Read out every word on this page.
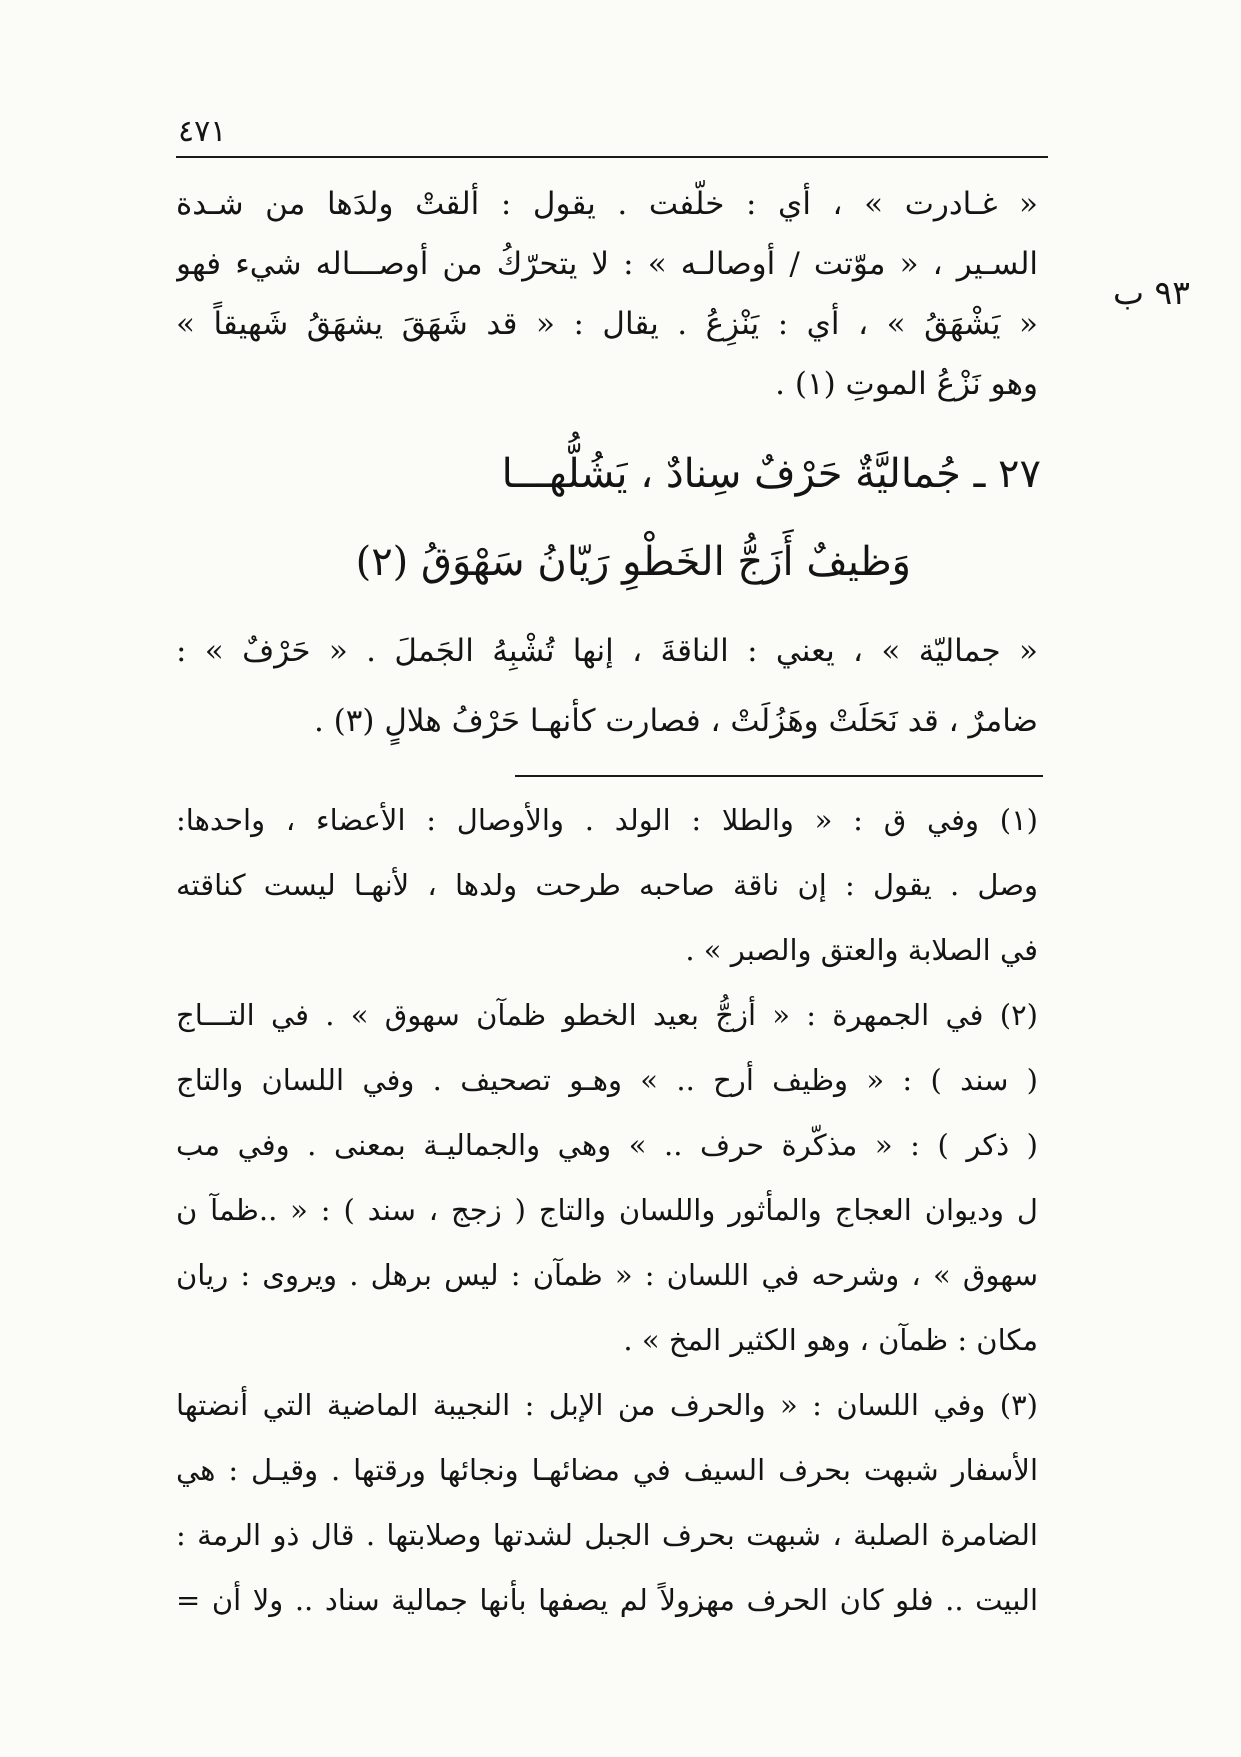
٤٧١
٩٣ ب
« غـادرت » ، أي : خلّفت . يقول : ألقتْ ولدَها من شـدة
السـير ، « موّتت / أوصالـه » : لا يتحرّكُ من أوصـــاله شيء فهو
« يَشْهَقُ » ، أي : يَنْزِعُ . يقال : « قد شَهَقَ يشهَقُ شَهيقاً »
وهو نَزْعُ الموتِ (١) .
٢٧ ـ جُماليَّةٌ حَرْفٌ سِنادٌ ، يَشُلُّهـــا
وَظيفٌ أَزَجُّ الخَطْوِ رَيّانُ سَهْوَقُ (٢)
« جماليّة » ، يعني : الناقةَ ، إنها تُشْبِهُ الجَملَ . « حَرْفٌ » :
ضامرٌ ، قد نَحَلَتْ وهَزُلَتْ ، فصارت كأنهـا حَرْفُ هلالٍ (٣) .
(١) وفي ق : « والطلا : الولد . والأوصال : الأعضاء ، واحدها:
وصل . يقول : إن ناقة صاحبه طرحت ولدها ، لأنهـا ليست كناقته
في الصلابة والعتق والصبر » .
(٢) في الجمهرة : « أزجُّ بعيد الخطو ظمآن سهوق » . في التـــاج
( سند ) : « وظيف أرح .. » وهـو تصحيف . وفي اللسان والتاج
( ذكر ) : « مذكّرة حرف .. » وهي والجماليـة بمعنى . وفي مب
ل وديوان العجاج والمأثور واللسان والتاج ( زجج ، سند ) : « ..ظمآ ن
سهوق » ، وشرحه في اللسان : « ظمآن : ليس برهل . ويروى : ريان
مكان : ظمآن ، وهو الكثير المخ » .
(٣) وفي اللسان : « والحرف من الإبل : النجيبة الماضية التي أنضتها
الأسفار شبهت بحرف السيف في مضائهـا ونجائها ورقتها . وقيـل : هي
الضامرة الصلبة ، شبهت بحرف الجبل لشدتها وصلابتها . قال ذو الرمة :
البيت .. فلو كان الحرف مهزولاً لم يصفها بأنها جمالية سناد .. ولا أن =
